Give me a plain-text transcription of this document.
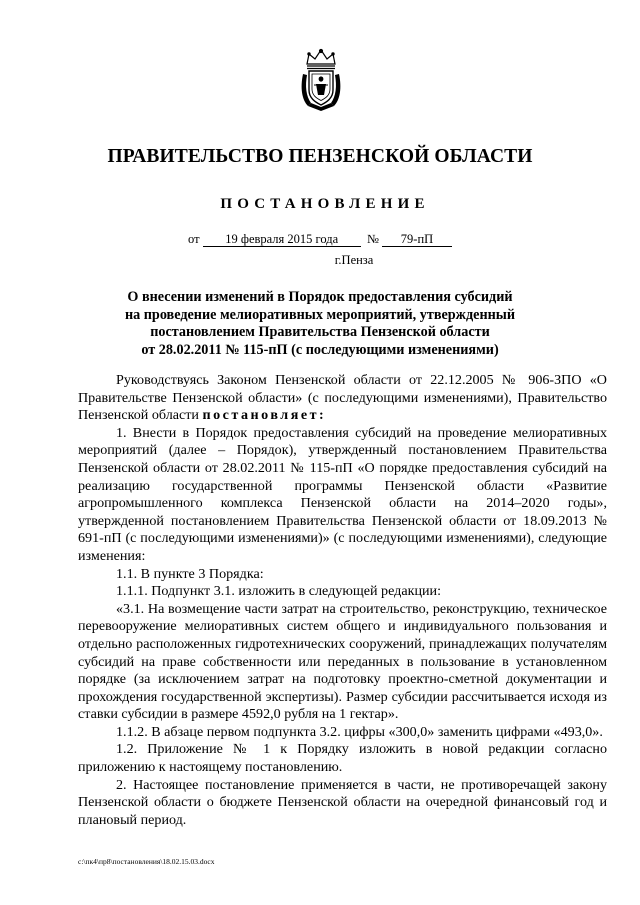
ПРАВИТЕЛЬСТВО ПЕНЗЕНСКОЙ ОБЛАСТИ
ПОСТАНОВЛЕНИЕ
от 19 февраля 2015 года № 79-пП
г.Пенза
О внесении изменений в Порядок предоставления субсидий
на проведение мелиоративных мероприятий, утвержденный
постановлением Правительства Пензенской области
от 28.02.2011 № 115-пП (с последующими изменениями)

Руководствуясь Законом Пензенской области от 22.12.2005 № 906-ЗПО «О Правительстве Пензенской области» (с последующими изменениями), Правительство Пензенской области постановляет:

1. Внести в Порядок предоставления субсидий на проведение мелиоративных мероприятий (далее – Порядок), утвержденный постановлением Правительства Пензенской области от 28.02.2011 № 115-пП «О порядке предоставления субсидий на реализацию государственной программы Пензенской области «Развитие агропромышленного комплекса Пензенской области на 2014–2020 годы», утвержденной постановлением Правительства Пензенской области от 18.09.2013 № 691-пП (с последующими изменениями)» (с последующими изменениями), следующие изменения:

1.1. В пункте 3 Порядка:

1.1.1. Подпункт 3.1. изложить в следующей редакции:

«3.1. На возмещение части затрат на строительство, реконструкцию, техническое перевооружение мелиоративных систем общего и индивидуального пользования и отдельно расположенных гидротехнических сооружений, принадлежащих получателям субсидий на праве собственности или переданных в пользование в установленном порядке (за исключением затрат на подготовку проектно-сметной документации и прохождения государственной экспертизы). Размер субсидии рассчитывается исходя из ставки субсидии в размере 4592,0 рубля на 1 гектар».

1.1.2. В абзаце первом подпункта 3.2. цифры «300,0» заменить цифрами «493,0».

1.2. Приложение № 1 к Порядку изложить в новой редакции согласно приложению к настоящему постановлению.

2. Настоящее постановление применяется в части, не противоречащей закону Пензенской области о бюджете Пензенской области на очередной финансовый год и плановый период.

c:\пк4\пр8\постановления\18.02.15.03.docx
